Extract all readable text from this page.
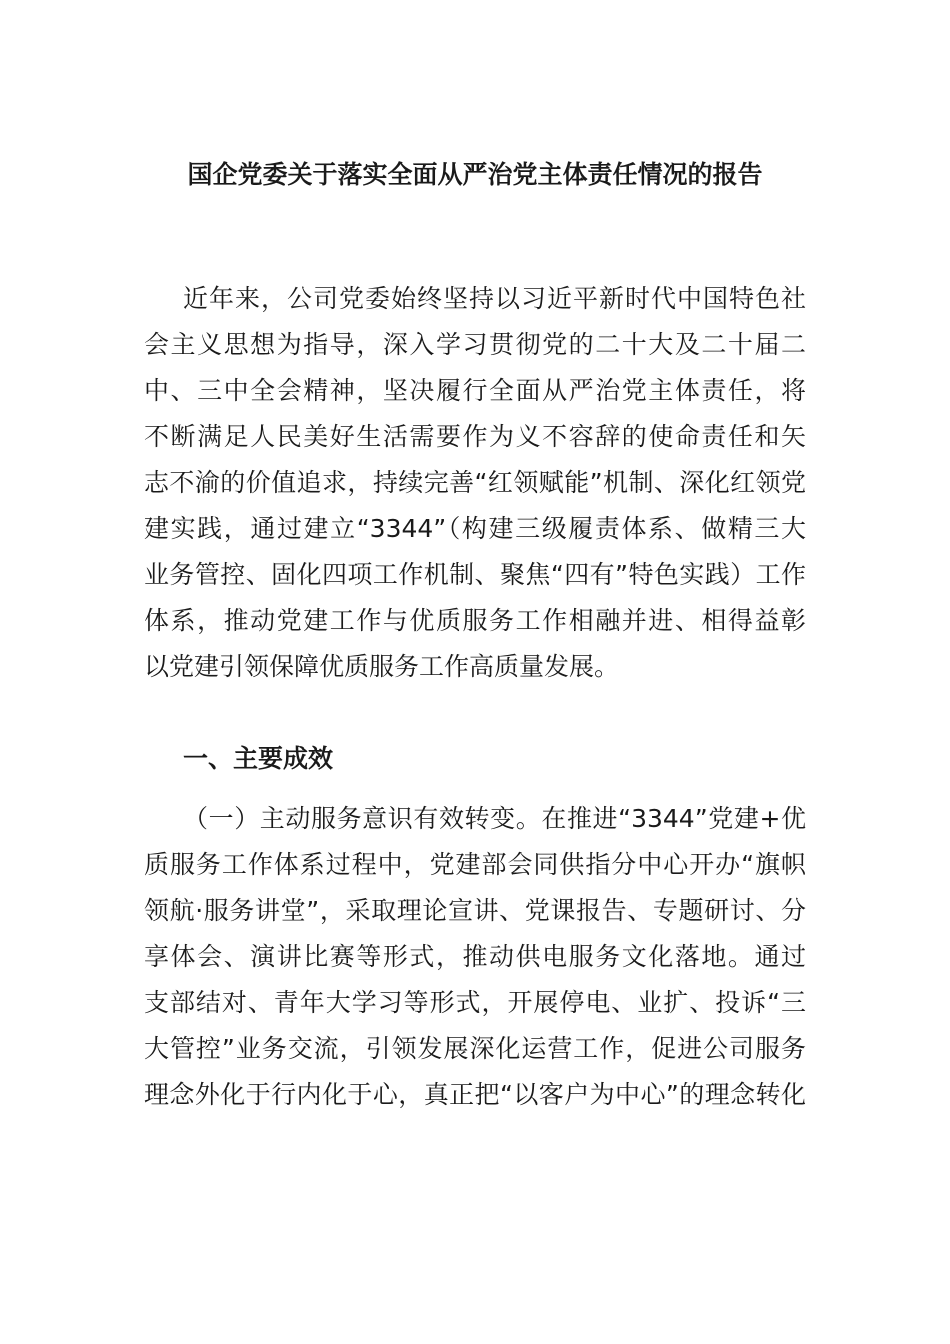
国企党委关于落实全面从严治党主体责任情况的报告
近年来，公司党委始终坚持以习近平新时代中国特色社
会主义思想为指导，深入学习贯彻党的二十大及二十届二
中、三中全会精神，坚决履行全面从严治党主体责任，将
不断满足人民美好生活需要作为义不容辞的使命责任和矢
志不渝的价值追求，持续完善“红领赋能”机制、深化红领党
建实践，通过建立“3344”（构建三级履责体系、做精三大
业务管控、固化四项工作机制、聚焦“四有”特色实践）工作
体系，推动党建工作与优质服务工作相融并进、相得益彰
以党建引领保障优质服务工作高质量发展。
一、主要成效
（一）主动服务意识有效转变。在推进“3344”党建+优
质服务工作体系过程中，党建部会同供指分中心开办“旗帜
领航·服务讲堂”，采取理论宣讲、党课报告、专题研讨、分
享体会、演讲比赛等形式，推动供电服务文化落地。通过
支部结对、青年大学习等形式，开展停电、业扩、投诉“三
大管控”业务交流，引领发展深化运营工作，促进公司服务
理念外化于行内化于心，真正把“以客户为中心”的理念转化
